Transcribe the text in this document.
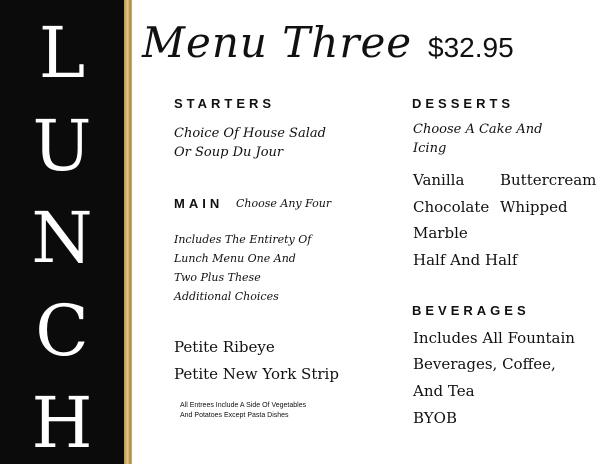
L
U
N
C
H
Menu Three $32.95
STARTERS
Choice Of House Salad
Or Soup Du Jour
MAIN Choose Any Four
Includes The Entirety Of
Lunch Menu One And
Two Plus These
Additional Choices
Petite Ribeye
Petite New York Strip
All Entrees Include A Side Of Vegetables
And Potatoes Except Pasta Dishes
DESSERTS
Choose A Cake And
Icing
Vanilla
Chocolate
Marble
Half And Half
Buttercream
Whipped
BEVERAGES
Includes All Fountain
Beverages, Coffee,
And Tea
BYOB
